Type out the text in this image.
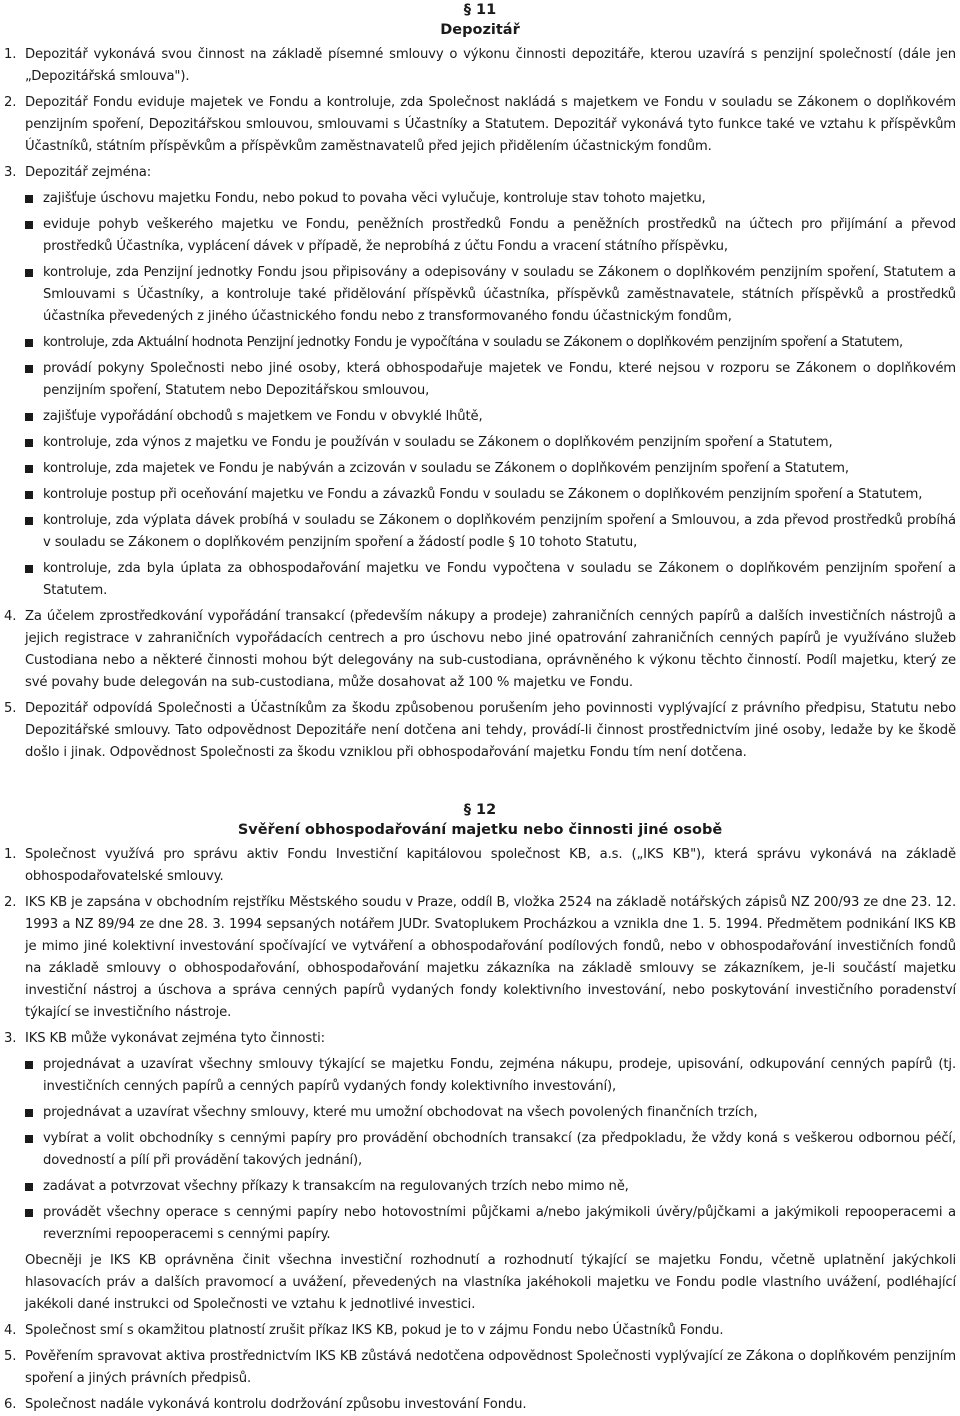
§ 11
Depozitář
1. Depozitář vykonává svou činnost na základě písemné smlouvy o výkonu činnosti depozitáře, kterou uzavírá s penzijní společností (dále jen „Depozitářská smlouva").
2. Depozitář Fondu eviduje majetek ve Fondu a kontroluje, zda Společnost nakládá s majetkem ve Fondu v souladu se Zákonem o doplňkovém penzijním spoření, Depozitářskou smlouvou, smlouvami s Účastníky a Statutem. Depozitář vykonává tyto funkce také ve vztahu k příspěvkům Účastníků, státním příspěvkům a příspěvkům zaměstnavatelů před jejich přidělením účastnickým fondům.
3. Depozitář zejména:
zajišťuje úschovu majetku Fondu, nebo pokud to povaha věci vylučuje, kontroluje stav tohoto majetku,
eviduje pohyb veškerého majetku ve Fondu, peněžních prostředků Fondu a peněžních prostředků na účtech pro přijímání a převod prostředků Účastníka, vyplácení dávek v případě, že neprobíhá z účtu Fondu a vracení státního příspěvku,
kontroluje, zda Penzijní jednotky Fondu jsou připisovány a odepisovány v souladu se Zákonem o doplňkovém penzijním spoření, Statutem a Smlouvami s Účastníky, a kontroluje také přidělování příspěvků účastníka, příspěvků zaměstnavatele, státních příspěvků a prostředků účastníka převedených z jiného účastnického fondu nebo z transformovaného fondu účastnickým fondům,
kontroluje, zda Aktuální hodnota Penzijní jednotky Fondu je vypočítána v souladu se Zákonem o doplňkovém penzijním spoření a Statutem,
provádí pokyny Společnosti nebo jiné osoby, která obhospodařuje majetek ve Fondu, které nejsou v rozporu se Zákonem o doplňkovém penzijním spoření, Statutem nebo Depozitářskou smlouvou,
zajišťuje vypořádání obchodů s majetkem ve Fondu v obvyklé lhůtě,
kontroluje, zda výnos z majetku ve Fondu je používán v souladu se Zákonem o doplňkovém penzijním spoření a Statutem,
kontroluje, zda majetek ve Fondu je nabýván a zcizován v souladu se Zákonem o doplňkovém penzijním spoření a Statutem,
kontroluje postup při oceňování majetku ve Fondu a závazků Fondu v souladu se Zákonem o doplňkovém penzijním spoření a Statutem,
kontroluje, zda výplata dávek probíhá v souladu se Zákonem o doplňkovém penzijním spoření a Smlouvou, a zda převod prostředků probíhá v souladu se Zákonem o doplňkovém penzijním spoření a žádostí podle § 10 tohoto Statutu,
kontroluje, zda byla úplata za obhospodařování majetku ve Fondu vypočtena v souladu se Zákonem o doplňkovém penzijním spoření a Statutem.
4. Za účelem zprostředkování vypořádání transakcí (především nákupy a prodeje) zahraničních cenných papírů a dalších investičních nástrojů a jejich registrace v zahraničních vypořádacích centrech a pro úschovu nebo jiné opatrování zahraničních cenných papírů je využíváno služeb Custodiana nebo a některé činnosti mohou být delegovány na sub-custodiana, oprávněného k výkonu těchto činností. Podíl majetku, který ze své povahy bude delegován na sub-custodiana, může dosahovat až 100 % majetku ve Fondu.
5. Depozitář odpovídá Společnosti a Účastníkům za škodu způsobenou porušením jeho povinnosti vyplývající z právního předpisu, Statutu nebo Depozitářské smlouvy. Tato odpovědnost Depozitáře není dotčena ani tehdy, provádí-li činnost prostřednictvím jiné osoby, ledaže by ke škodě došlo i jinak. Odpovědnost Společnosti za škodu vzniklou při obhospodařování majetku Fondu tím není dotčena.
§ 12
Svěření obhospodařování majetku nebo činnosti jiné osobě
1. Společnost využívá pro správu aktiv Fondu Investiční kapitálovou společnost KB, a.s. („IKS KB"), která správu vykonává na základě obhospodařovatelské smlouvy.
2. IKS KB je zapsána v obchodním rejstříku Městského soudu v Praze, oddíl B, vložka 2524 na základě notářských zápisů NZ 200/93 ze dne 23. 12. 1993 a NZ 89/94 ze dne 28. 3. 1994 sepsaných notářem JUDr. Svatoplukem Procházkou a vznikla dne 1. 5. 1994. Předmětem podnikání IKS KB je mimo jiné kolektivní investování spočívající ve vytváření a obhospodařování podílových fondů, nebo v obhospodařování investičních fondů na základě smlouvy o obhospodařování, obhospodařování majetku zákazníka na základě smlouvy se zákazníkem, je-li součástí majetku investiční nástroj a úschova a správa cenných papírů vydaných fondy kolektivního investování, nebo poskytování investičního poradenství týkající se investičního nástroje.
3. IKS KB může vykonávat zejména tyto činnosti:
projednávat a uzavírat všechny smlouvy týkající se majetku Fondu, zejména nákupu, prodeje, upisování, odkupování cenných papírů (tj. investičních cenných papírů a cenných papírů vydaných fondy kolektivního investování),
projednávat a uzavírat všechny smlouvy, které mu umožní obchodovat na všech povolených finančních trzích,
vybírat a volit obchodníky s cennými papíry pro provádění obchodních transakcí (za předpokladu, že vždy koná s veškerou odbornou péčí, dovedností a pílí při provádění takových jednání),
zadávat a potvrzovat všechny příkazy k transakcím na regulovaných trzích nebo mimo ně,
provádět všechny operace s cennými papíry nebo hotovostními půjčkami a/nebo jakýmikoli úvěry/půjčkami a jakýmikoli repooperacemi a reverzními repooperacemi s cennými papíry.
Obecněji je IKS KB oprávněna činit všechna investiční rozhodnutí a rozhodnutí týkající se majetku Fondu, včetně uplatnění jakýchkoli hlasovacích práv a dalších pravomocí a uvážení, převedených na vlastníka jakéhokoli majetku ve Fondu podle vlastního uvážení, podléhající jakékoli dané instrukci od Společnosti ve vztahu k jednotlivé investici.
4. Společnost smí s okamžitou platností zrušit příkaz IKS KB, pokud je to v zájmu Fondu nebo Účastníků Fondu.
5. Pověřením spravovat aktiva prostřednictvím IKS KB zůstává nedotčena odpovědnost Společnosti vyplývající ze Zákona o doplňkovém penzijním spoření a jiných právních předpisů.
6. Společnost nadále vykonává kontrolu dodržování způsobu investování Fondu.
